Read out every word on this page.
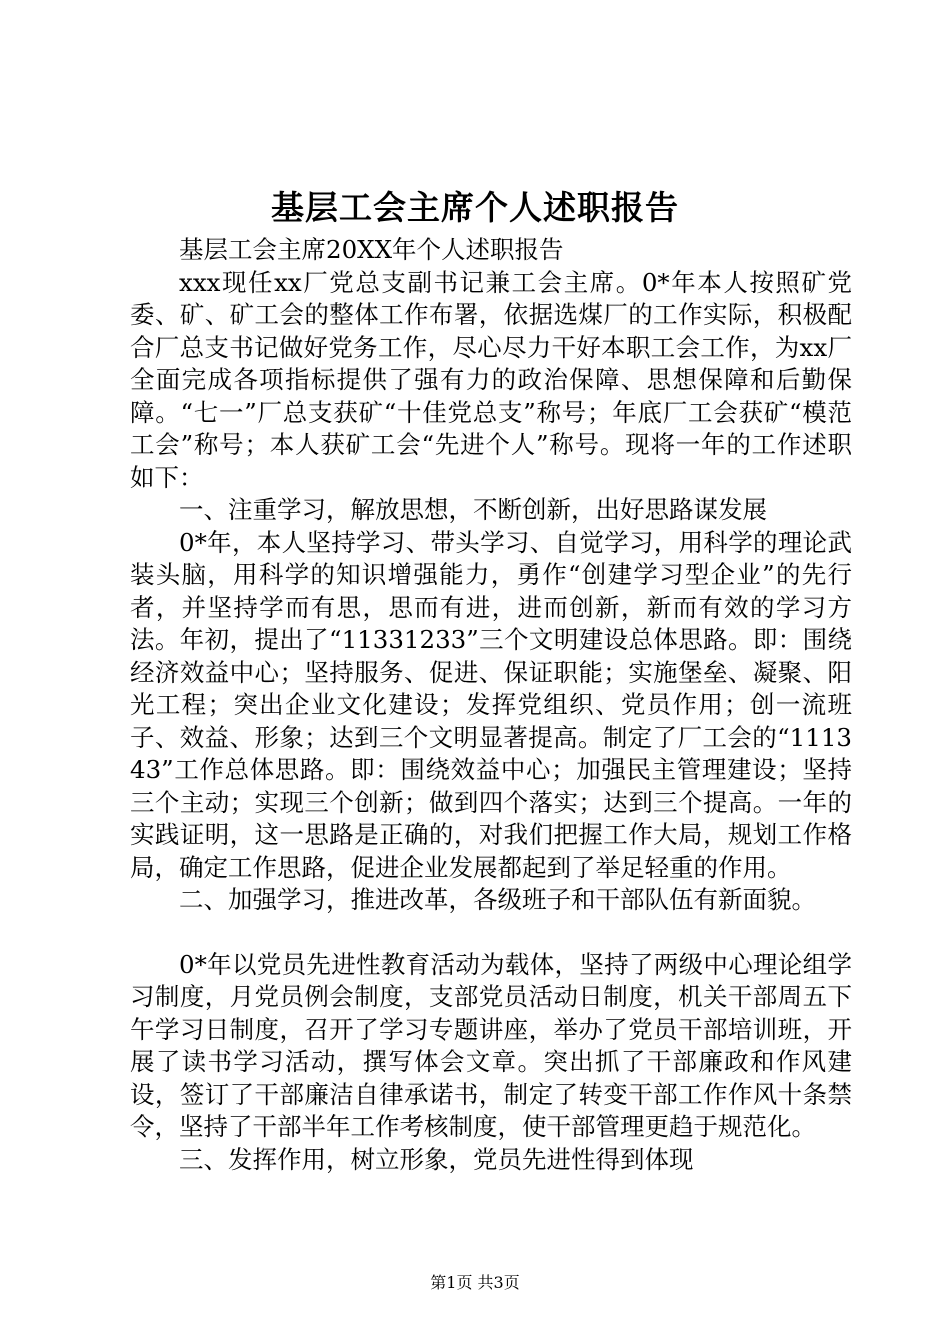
基层工会主席个人述职报告

基层工会主席20XX年个人述职报告

xxx现任xx厂党总支副书记兼工会主席。0*年本人按照矿党委、矿、矿工会的整体工作布署，依据选煤厂的工作实际，积极配合厂总支书记做好党务工作，尽心尽力干好本职工会工作，为xx厂全面完成各项指标提供了强有力的政治保障、思想保障和后勤保障。“七一”厂总支获矿“十佳党总支”称号；年底厂工会获矿“模范工会”称号；本人获矿工会“先进个人”称号。现将一年的工作述职如下：

一、注重学习，解放思想，不断创新，出好思路谋发展

0*年，本人坚持学习、带头学习、自觉学习，用科学的理论武装头脑，用科学的知识增强能力，勇作“创建学习型企业”的先行者，并坚持学而有思，思而有进，进而创新，新而有效的学习方法。年初，提出了“11331233”三个文明建设总体思路。即：围绕经济效益中心；坚持服务、促进、保证职能；实施堡垒、凝聚、阳光工程；突出企业文化建设；发挥党组织、党员作用；创一流班子、效益、形象；达到三个文明显著提高。制定了厂工会的“111343”工作总体思路。即：围绕效益中心；加强民主管理建设；坚持三个主动；实现三个创新；做到四个落实；达到三个提高。一年的实践证明，这一思路是正确的，对我们把握工作大局，规划工作格局，确定工作思路，促进企业发展都起到了举足轻重的作用。

二、加强学习，推进改革，各级班子和干部队伍有新面貌。

0*年以党员先进性教育活动为载体，坚持了两级中心理论组学习制度，月党员例会制度，支部党员活动日制度，机关干部周五下午学习日制度，召开了学习专题讲座，举办了党员干部培训班，开展了读书学习活动，撰写体会文章。突出抓了干部廉政和作风建设，签订了干部廉洁自律承诺书，制定了转变干部工作作风十条禁令，坚持了干部半年工作考核制度，使干部管理更趋于规范化。

三、发挥作用，树立形象，党员先进性得到体现

第1页 共3页
